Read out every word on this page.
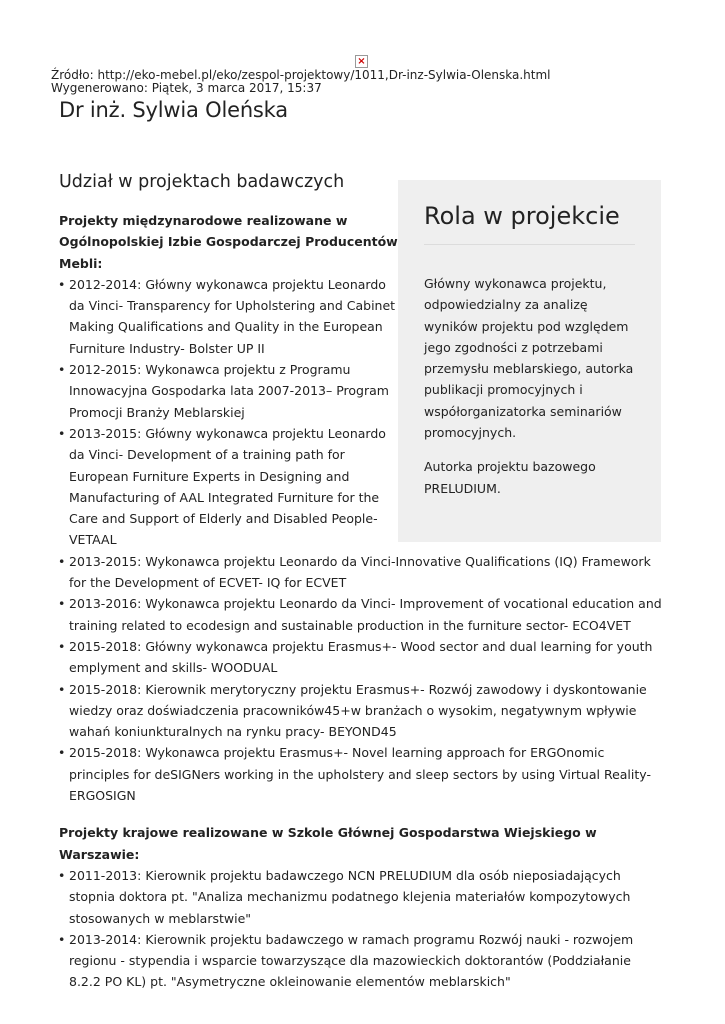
×
Źródło: http://eko-mebel.pl/eko/zespol-projektowy/1011,Dr-inz-Sylwia-Olenska.html
Wygenerowano: Piątek, 3 marca 2017, 15:37
Dr inż. Sylwia Oleńska
Udział w projektach badawczych
Rola w projekcie

Główny wykonawca projektu, odpowiedzialny za analizę wyników projektu pod względem jego zgodności z potrzebami przemysłu meblarskiego, autorka publikacji promocyjnych i współorganizatorka seminariów promocyjnych.

Autorka projektu bazowego PRELUDIUM.

Projekty międzynarodowe realizowane w Ogólnopolskiej Izbie Gospodarczej Producentów Mebli:

• 2012-2014: Główny wykonawca projektu Leonardo da Vinci- Transparency for Upholstering and Cabinet Making Qualifications and Quality in the European Furniture Industry- Bolster UP II
• 2012-2015: Wykonawca projektu z Programu Innowacyjna Gospodarka lata 2007-2013– Program Promocji Branży Meblarskiej
• 2013-2015: Główny wykonawca projektu Leonardo da Vinci- Development of a training path for European Furniture Experts in Designing and Manufacturing of AAL Integrated Furniture for the Care and Support of Elderly and Disabled People- VETAAL
• 2013-2015: Wykonawca projektu Leonardo da Vinci-Innovative Qualifications (IQ) Framework for the Development of ECVET- IQ for ECVET
• 2013-2016: Wykonawca projektu Leonardo da Vinci- Improvement of vocational education and training related to ecodesign and sustainable production in the furniture sector- ECO4VET
• 2015-2018: Główny wykonawca projektu Erasmus+- Wood sector and dual learning for youth emplyment and skills- WOODUAL
• 2015-2018: Kierownik merytoryczny projektu Erasmus+- Rozwój zawodowy i dyskontowanie wiedzy oraz doświadczenia pracowników45+w branżach o wysokim, negatywnym wpływie wahań koniunkturalnych na rynku pracy- BEYOND45
• 2015-2018: Wykonawca projektu Erasmus+- Novel learning approach for ERGOnomic principles for deSIGNers working in the upholstery and sleep sectors by using Virtual Reality- ERGOSIGN

Projekty krajowe realizowane w Szkole Głównej Gospodarstwa Wiejskiego w Warszawie:

• 2011-2013: Kierownik projektu badawczego NCN PRELUDIUM dla osób nieposiadających stopnia doktora pt. "Analiza mechanizmu podatnego klejenia materiałów kompozytowych stosowanych w meblarstwie"
• 2013-2014: Kierownik projektu badawczego w ramach programu Rozwój nauki - rozwojem regionu - stypendia i wsparcie towarzyszące dla mazowieckich doktorantów (Poddziałanie 8.2.2 PO KL) pt. "Asymetryczne okleinowanie elementów meblarskich"
